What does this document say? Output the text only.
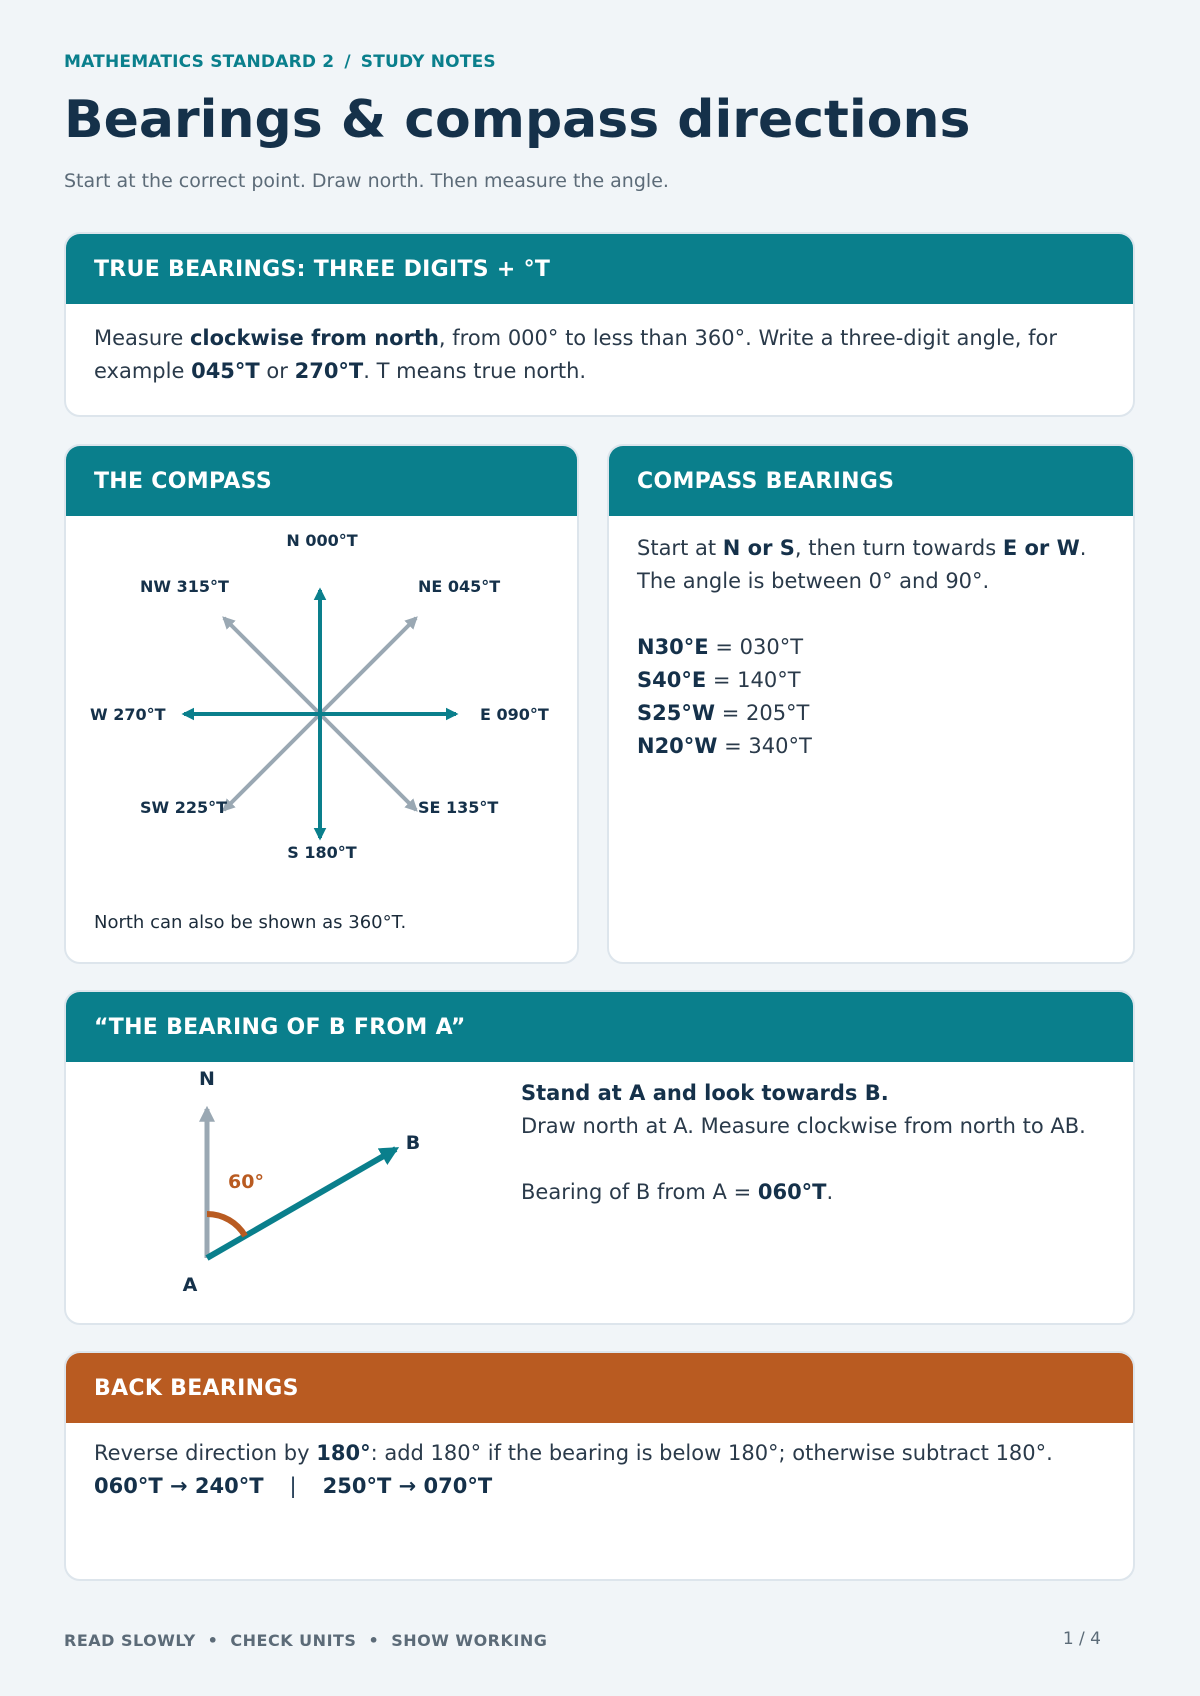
MATHEMATICS STANDARD 2 / STUDY NOTES
Bearings & compass directions
Start at the correct point. Draw north. Then measure the angle.
TRUE BEARINGS: THREE DIGITS + °T
Measure clockwise from north, from 000° to less than 360°. Write a three-digit angle, for example 045°T or 270°T. T means true north.
THE COMPASS
N 000°T
NE 045°T
E 090°T
SE 135°T
S 180°T
SW 225°T
W 270°T
NW 315°T
North can also be shown as 360°T.
COMPASS BEARINGS
Start at N or S, then turn towards E or W. The angle is between 0° and 90°.
N30°E = 030°T
S40°E = 140°T
S25°W = 205°T
N20°W = 340°T
“THE BEARING OF B FROM A”
N
A
B
60°
Stand at A and look towards B.
Draw north at A. Measure clockwise from north to AB.
Bearing of B from A = 060°T.
BACK BEARINGS
Reverse direction by 180°: add 180° if the bearing is below 180°; otherwise subtract 180°.
060°T → 240°T | 250°T → 070°T
READ SLOWLY • CHECK UNITS • SHOW WORKING	1 / 4
